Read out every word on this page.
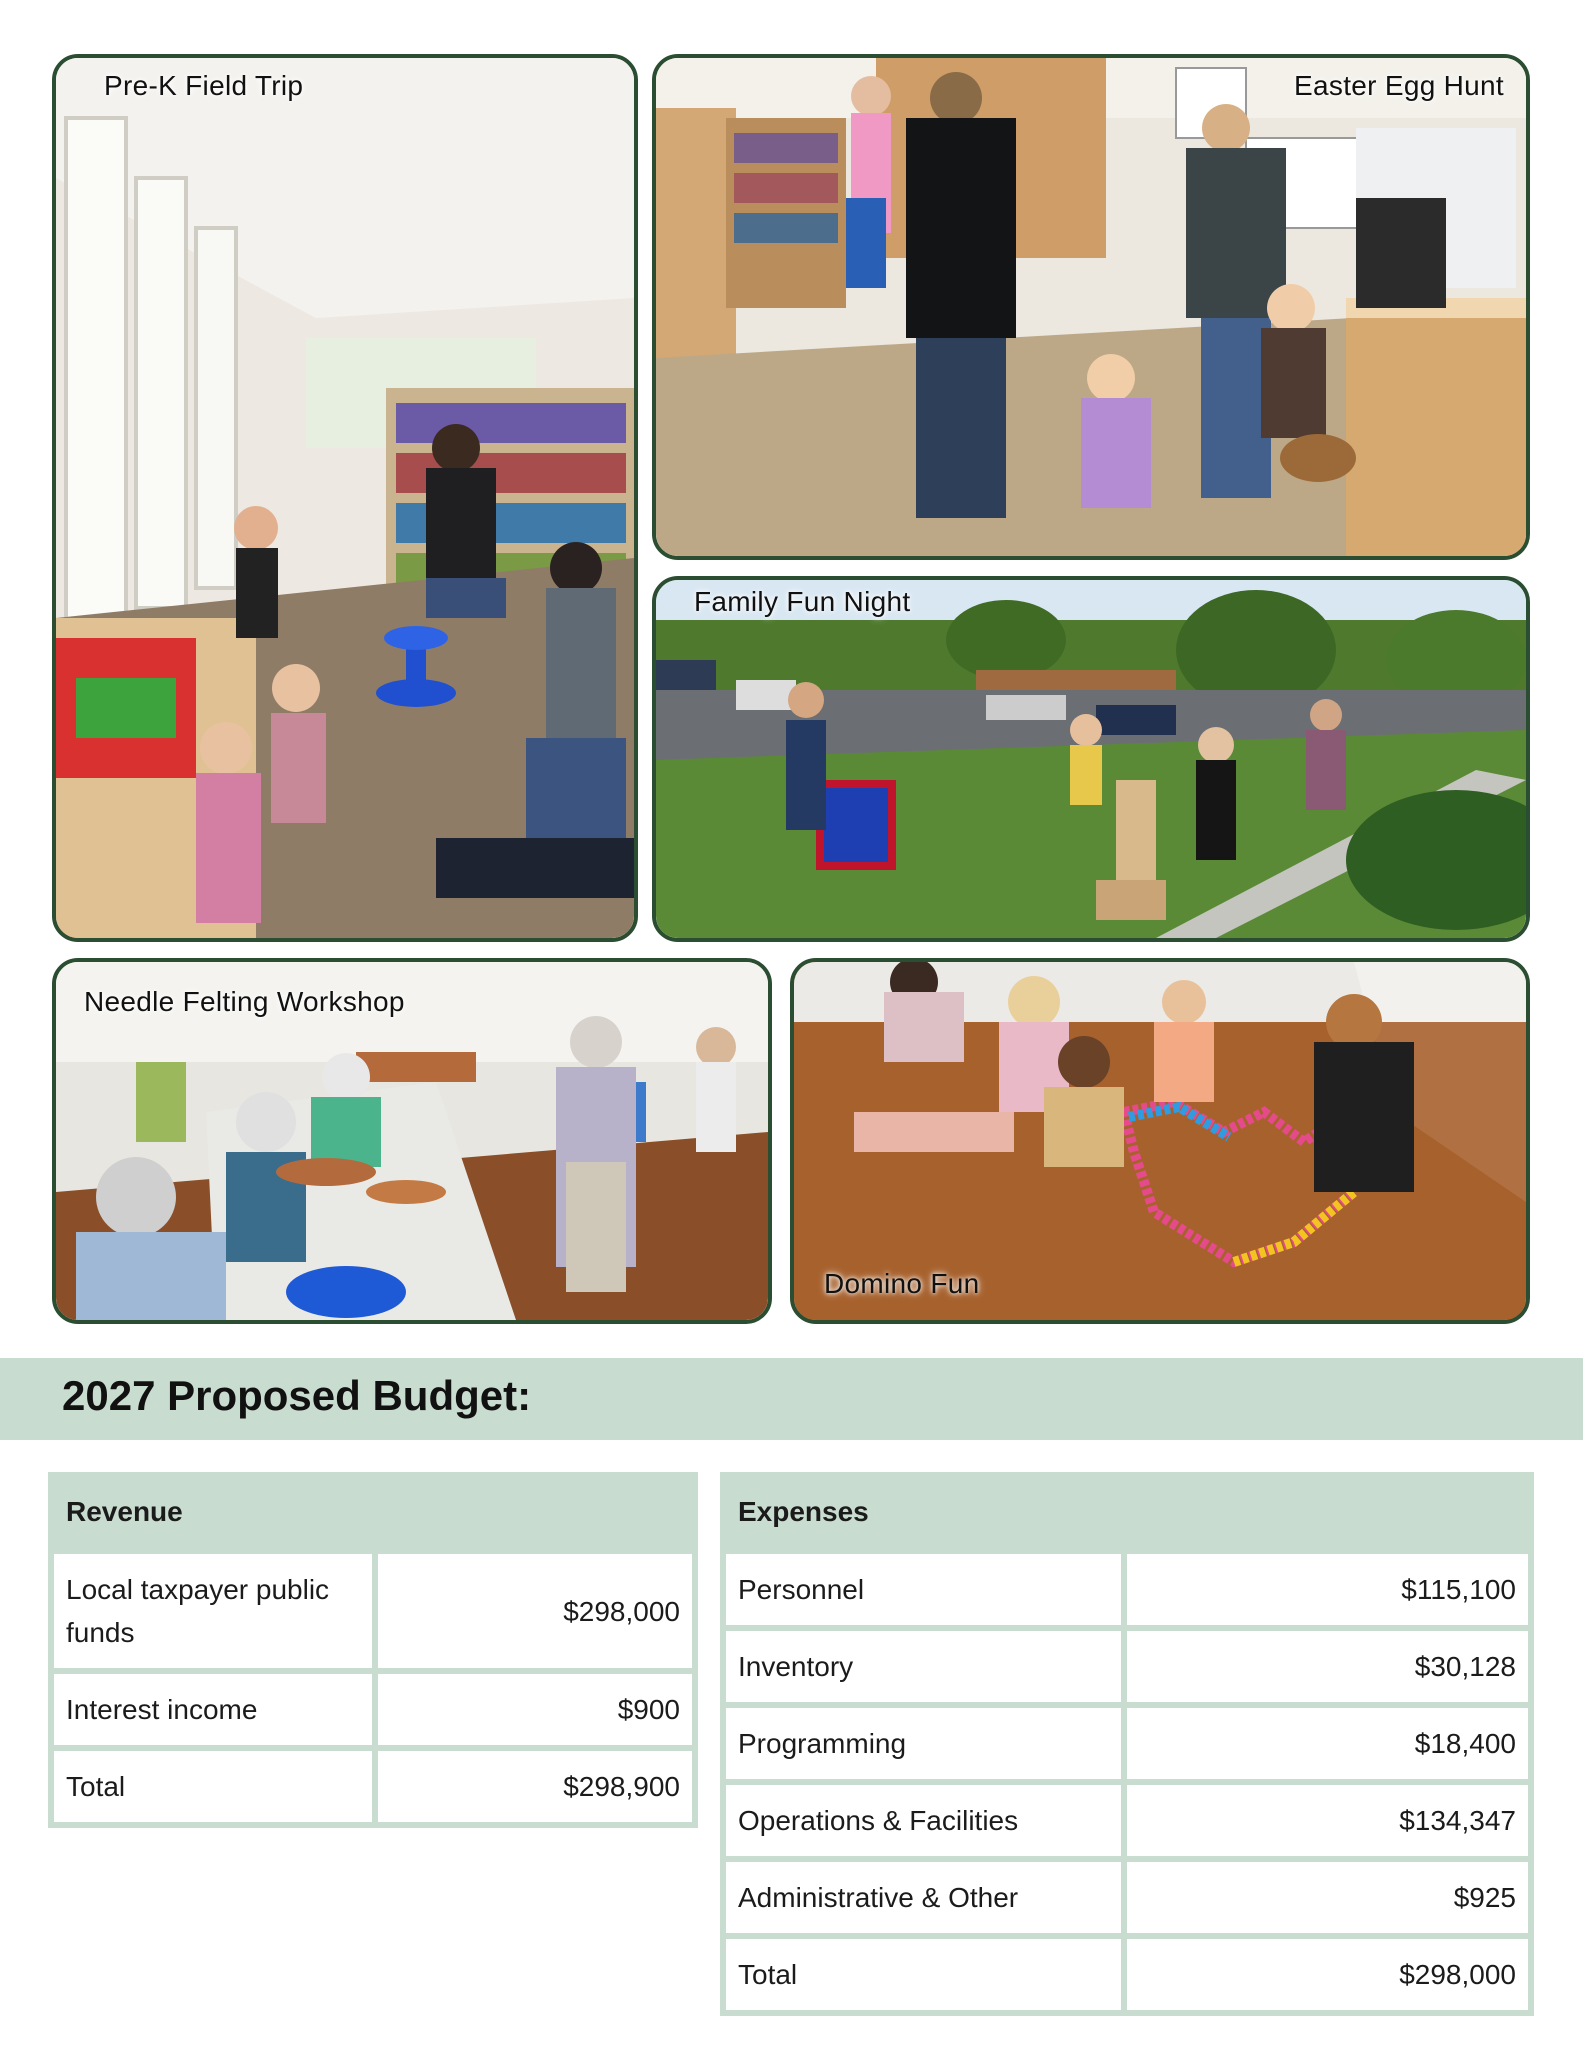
Pre-K Field Trip	Easter Egg Hunt
Family Fun Night
Needle Felting Workshop
Domino Fun
2027 Proposed Budget:
Revenue	
Local taxpayer public funds	$298,000
Interest income	$900
Total	$298,900
Expenses	
Personnel	$115,100
Inventory	$30,128
Programming	$18,400
Operations & Facilities	$134,347
Administrative & Other	$925
Total	$298,000
